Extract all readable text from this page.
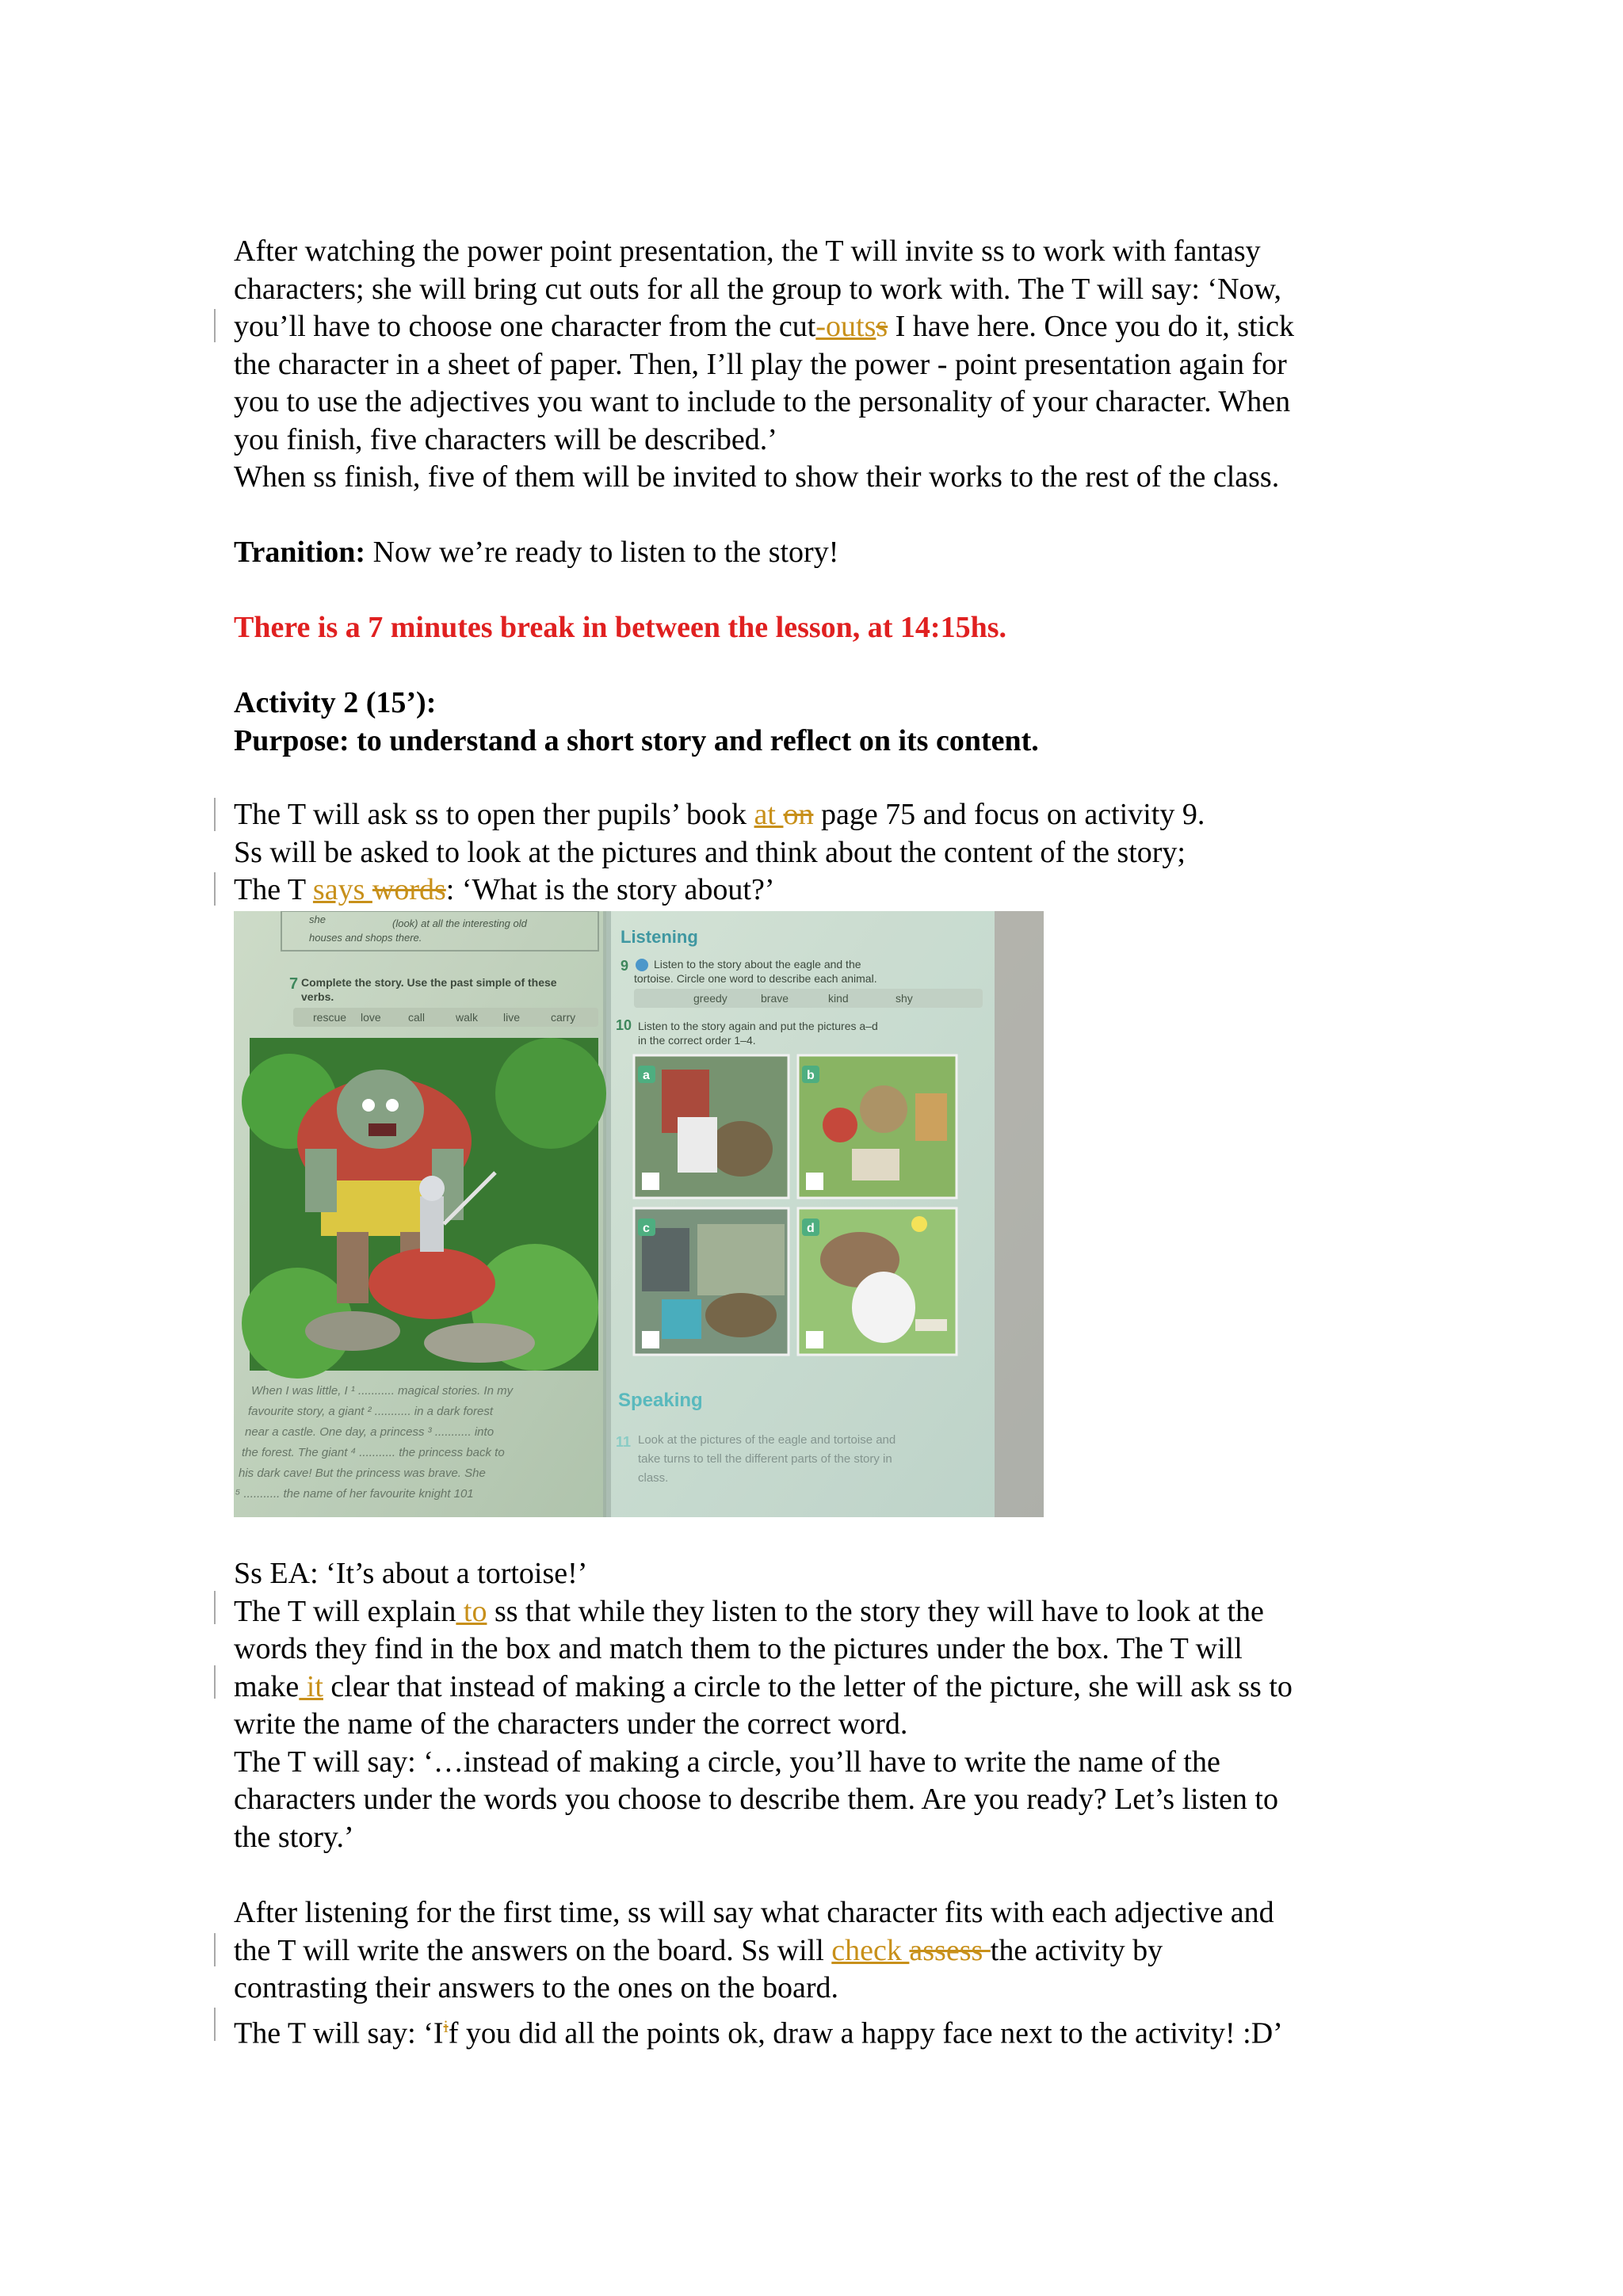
After watching the power point presentation, the T will invite ss to work with fantasy
characters; she will bring cut outs for all the group to work with. The T will say: ‘Now,
you’ll have to choose one character from the cut-outss I have here. Once you do it, stick
the character in a sheet of paper. Then, I’ll play the power - point presentation again for
you to use the adjectives you want to include to the personality of your character. When
you finish, five characters will be described.’
When ss finish, five of them will be invited to show their works to the rest of the class.
Tranition: Now we’re ready to listen to the story!
There is a 7 minutes break in between the lesson, at 14:15hs.
Activity 2 (15’):
Purpose: to understand a short story and reflect on its content.
The T will ask ss to open ther pupils’ book at on page 75 and focus on activity 9.
Ss will be asked to look at the pictures and think about the content of the story;
The T says words: ‘What is the story about?’
she	(look) at all the interesting old
houses and shops there.
7 Complete the story. Use the past simple of these
verbs.
rescue love call	walk live	carry
When I was little, I ¹ ........... magical stories. In my
favourite story, a giant ² ........... in a dark forest
near a castle. One day, a princess ³ ........... into
the forest. The giant ⁴ ........... the princess back to
his dark cave! But the princess was brave. She
⁵ ........... the name of her favourite knight 101
Listening
9 Listen to the story about the eagle and the
tortoise. Circle one word to describe each animal.
greedy	brave	kind	shy
10 Listen to the story again and put the pictures a–d
in the correct order 1–4.
a	b
c	d
Speaking
11 Look at the pictures of the eagle and tortoise and
take turns to tell the different parts of the story in
class.
Ss EA: ‘It’s about a tortoise!’
The T will explain to ss that while they listen to the story they will have to look at the
words they find in the box and match them to the pictures under the box. The T will
make it clear that instead of making a circle to the letter of the picture, she will ask ss to
write the name of the characters under the correct word.
The T will say: ‘…instead of making a circle, you’ll have to write the name of the
characters under the words you choose to describe them. Are you ready? Let’s listen to
the story.’
After listening for the first time, ss will say what character fits with each adjective and
the T will write the answers on the board. Ss will check assess the activity by
contrasting their answers to the ones on the board.
The T will say: ‘$I^if$ you did all the points ok, draw a happy face next to the activity! :D’
